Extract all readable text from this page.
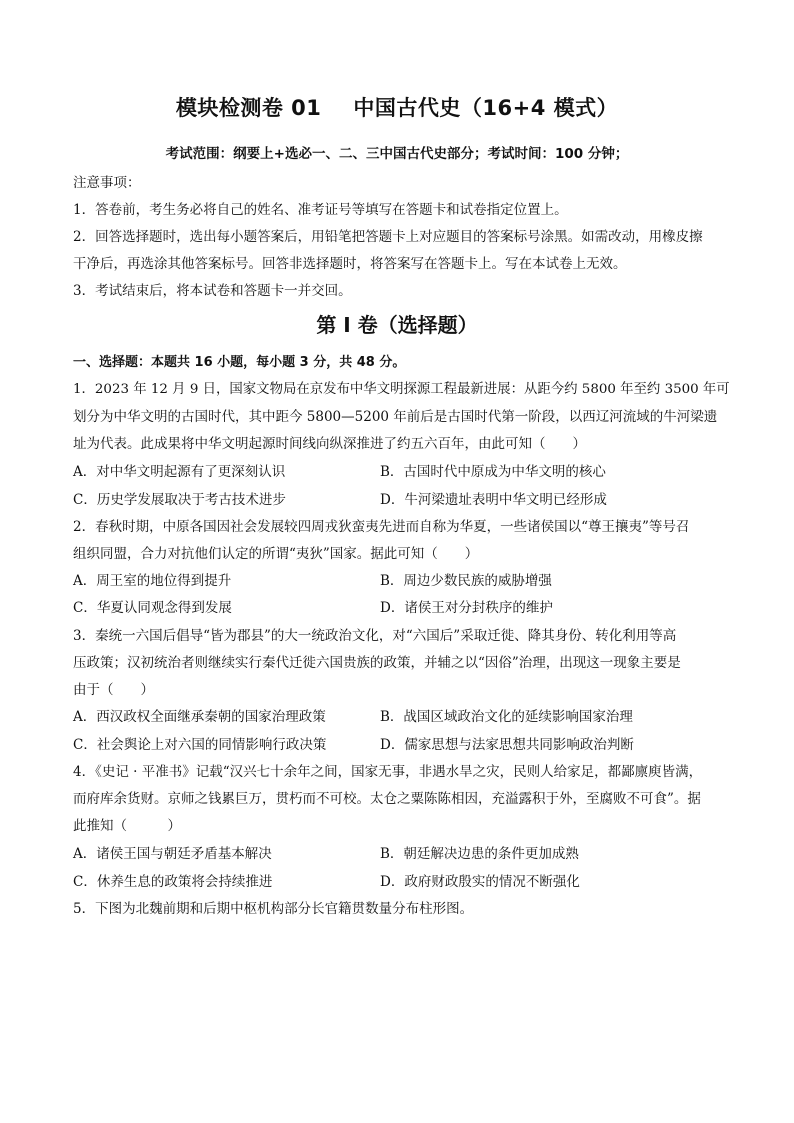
模块检测卷 01 中国古代史（16+4 模式）
考试范围：纲要上+选必一、二、三中国古代史部分；考试时间：100 分钟；
注意事项：
1．答卷前，考生务必将自己的姓名、准考证号等填写在答题卡和试卷指定位置上。
2．回答选择题时，选出每小题答案后，用铅笔把答题卡上对应题目的答案标号涂黑。如需改动，用橡皮擦
干净后，再选涂其他答案标号。回答非选择题时，将答案写在答题卡上。写在本试卷上无效。
3．考试结束后，将本试卷和答题卡一并交回。
第 I 卷（选择题）
一、选择题：本题共 16 小题，每小题 3 分，共 48 分。
1．2023 年 12 月 9 日，国家文物局在京发布中华文明探源工程最新进展：从距今约 5800 年至约 3500 年可
划分为中华文明的古国时代，其中距今 5800—5200 年前后是古国时代第一阶段，以西辽河流域的牛河梁遗
址为代表。此成果将中华文明起源时间线向纵深推进了约五六百年，由此可知（　　）
A．对中华文明起源有了更深刻认识	B．古国时代中原成为中华文明的核心
C．历史学发展取决于考古技术进步	D．牛河梁遗址表明中华文明已经形成
2．春秋时期，中原各国因社会发展较四周戎狄蛮夷先进而自称为华夏，一些诸侯国以“尊王攘夷”等号召
组织同盟，合力对抗他们认定的所谓“夷狄”国家。据此可知（　　）
A．周王室的地位得到提升	B．周边少数民族的威胁增强
C．华夏认同观念得到发展	D．诸侯王对分封秩序的维护
3．秦统一六国后倡导“皆为郡县”的大一统政治文化，对“六国后”采取迁徙、降其身份、转化利用等高
压政策；汉初统治者则继续实行秦代迁徙六国贵族的政策，并辅之以“因俗”治理，出现这一现象主要是
由于（　　）
A．西汉政权全面继承秦朝的国家治理政策	B．战国区域政治文化的延续影响国家治理
C．社会舆论上对六国的同情影响行政决策	D．儒家思想与法家思想共同影响政治判断
4．《史记 · 平准书》记载“汉兴七十余年之间，国家无事，非遇水旱之灾，民则人给家足，都鄙廪庾皆满，
而府库余货财。京师之钱累巨万，贯朽而不可校。太仓之粟陈陈相因，充溢露积于外，至腐败不可食”。据
此推知（　　　）
A．诸侯王国与朝廷矛盾基本解决	B．朝廷解决边患的条件更加成熟
C．休养生息的政策将会持续推进	D．政府财政殷实的情况不断强化
5．下图为北魏前期和后期中枢机构部分长官籍贯数量分布柱形图。
